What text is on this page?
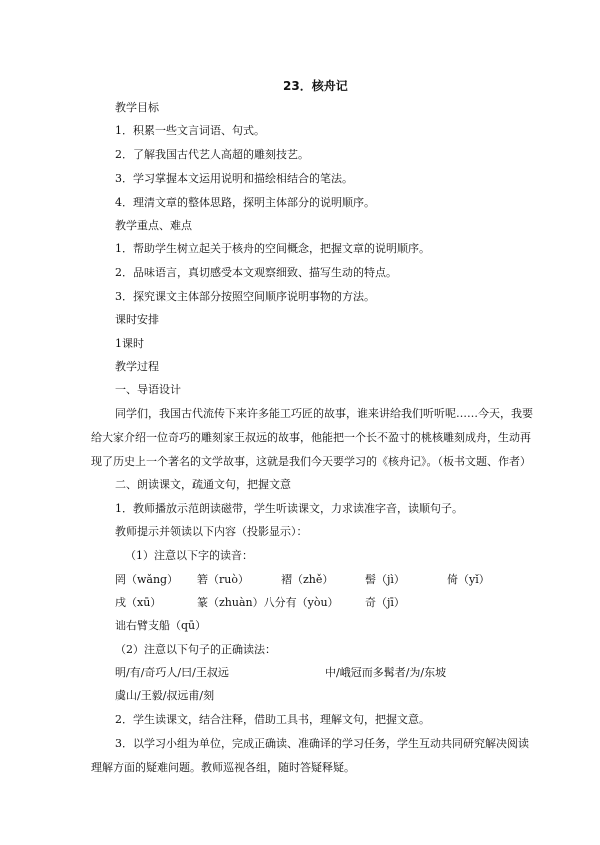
23．核舟记
教学目标
1．积累一些文言词语、句式。
2．了解我国古代艺人高超的雕刻技艺。
3．学习掌握本文运用说明和描绘相结合的笔法。
4．理清文章的整体思路，探明主体部分的说明顺序。
教学重点、难点
1．帮助学生树立起关于核舟的空间概念，把握文章的说明顺序。
2．品味语言，真切感受本文观察细致、描写生动的特点。
3．探究课文主体部分按照空间顺序说明事物的方法。
课时安排
1课时
教学过程
一、导语设计
同学们，我国古代流传下来许多能工巧匠的故事，谁来讲给我们听听呢……今天，我要
给大家介绍一位奇巧的雕刻家王叔远的故事，他能把一个长不盈寸的桃核雕刻成舟，生动再
现了历史上一个著名的文学故事，这就是我们今天要学习的《核舟记》。（板书文题、作者）
二、朗读课文，疏通文句，把握文意
1．教师播放示范朗读磁带，学生听读课文，力求读准字音，读顺句子。
教师提示并领读以下内容（投影显示）：
（1）注意以下字的读音：
罔（wǎng） 箬（ruò）	褶（zhě）	髻（jì）	倚（yǐ）
戌（xū）	篆（zhuàn）八分有（yòu） 奇（jī）
诎右臂支船（qū）
（2）注意以下句子的正确读法：
明/有/奇巧人/曰/王叔远	中/峨冠而多髯者/为/东坡
虞山/王毅/叔远甫/刻
2．学生读课文，结合注释，借助工具书，理解文句，把握文意。
3．以学习小组为单位，完成正确读、准确译的学习任务，学生互动共同研究解决阅读
理解方面的疑难问题。教师巡视各组，随时答疑释疑。
